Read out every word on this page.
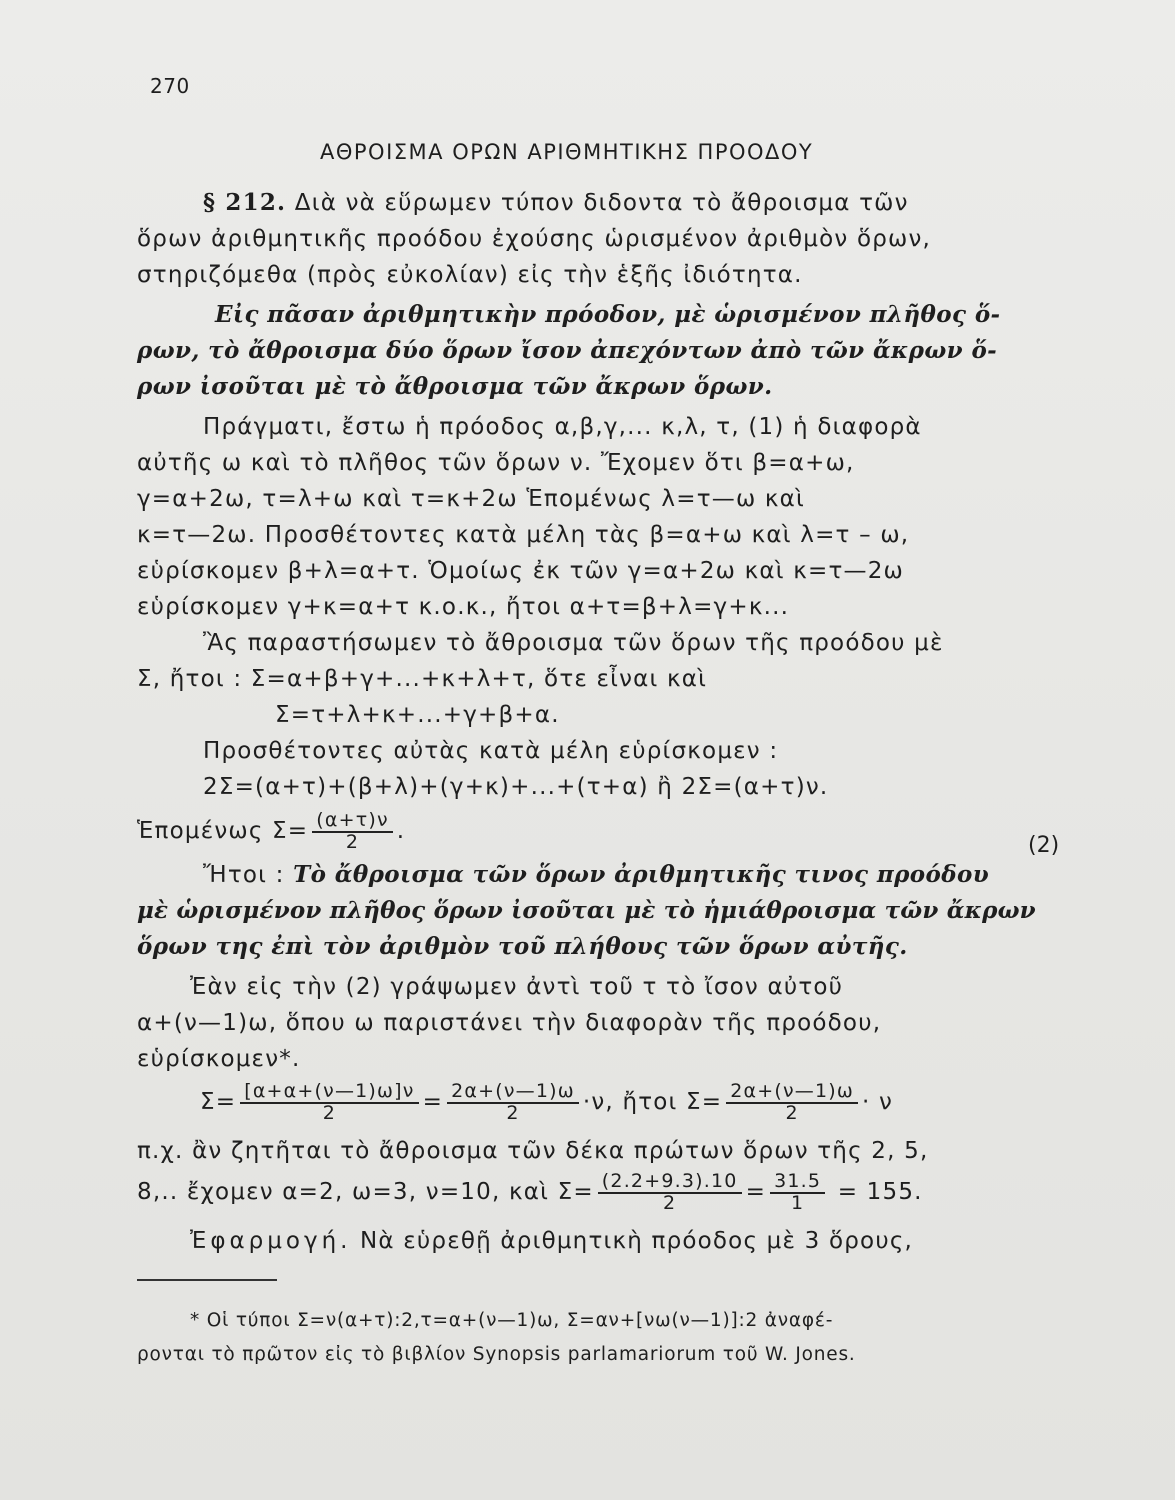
270
ΑΘΡΟΙΣΜΑ ΟΡΩΝ ΑΡΙΘΜΗΤΙΚΗΣ ΠΡΟΟΔΟΥ
§ 212. Διὰ νὰ εὕρωμεν τύπον διδοντα τὸ ἄθροισμα τῶν
ὅρων ἀριθμητικῆς προόδου ἐχούσης ὡρισμένον ἀριθμὸν ὅρων,
στηριζόμεθα (πρὸς εὐκολίαν) εἰς τὴν ἑξῆς ἰδιότητα.
Εἰς πᾶσαν ἀριθμητικὴν πρόοδον, μὲ ὡρισμένον πλῆθος ὅ-
ρων, τὸ ἄθροισμα δύο ὅρων ἴσον ἀπεχόντων ἀπὸ τῶν ἄκρων ὅ-
ρων ἰσοῦται μὲ τὸ ἄθροισμα τῶν ἄκρων ὅρων.
Πράγματι, ἔστω ἡ πρόοδος α,β,γ,... κ,λ, τ, (1) ἡ διαφορὰ
αὐτῆς ω καὶ τὸ πλῆθος τῶν ὅρων ν. Ἔχομεν ὅτι β=α+ω,
γ=α+2ω, τ=λ+ω καὶ τ=κ+2ω Ἑπομένως λ=τ—ω καὶ
κ=τ—2ω. Προσθέτοντες κατὰ μέλη τὰς β=α+ω καὶ λ=τ – ω,
εὑρίσκομεν β+λ=α+τ. Ὁμοίως ἐκ τῶν γ=α+2ω καὶ κ=τ—2ω
εὑρίσκομεν γ+κ=α+τ κ.ο.κ., ἤτοι α+τ=β+λ=γ+κ...
Ἂς παραστήσωμεν τὸ ἄθροισμα τῶν ὅρων τῆς προόδου μὲ
Σ, ἤτοι : Σ=α+β+γ+...+κ+λ+τ, ὅτε εἶναι καὶ
Σ=τ+λ+κ+...+γ+β+α.
Προσθέτοντες αὐτὰς κατὰ μέλη εὑρίσκομεν :
2Σ=(α+τ)+(β+λ)+(γ+κ)+...+(τ+α) ἢ 2Σ=(α+τ)ν.
Ἑπομένως $\Sigma= \frac{(\alpha+\tau)\nu}{2}$ .
(2)
Ἤτοι : Τὸ ἄθροισμα τῶν ὅρων ἀριθμητικῆς τινος προόδου
μὲ ὡρισμένον πλῆθος ὅρων ἰσοῦται μὲ τὸ ἡμιάθροισμα τῶν ἄκρων
ὅρων της ἐπὶ τὸν ἀριθμὸν τοῦ πλήθους τῶν ὅρων αὐτῆς.
Ἐὰν εἰς τὴν (2) γράψωμεν ἀντὶ τοῦ τ τὸ ἴσον αὐτοῦ
α+(ν—1)ω, ὅπου ω παριστάνει τὴν διαφορὰν τῆς προόδου,
εὑρίσκομεν*.
$\Sigma= \frac{[\alpha+\alpha+(\nu—1)\omega]\nu}{2} = \frac{2\alpha+(\nu—1)\omega}{2} \cdot\nu$, ἤτοι $\Sigma= \frac{2\alpha+(\nu—1)\omega}{2} \cdot \nu$
π.χ. ἂν ζητῆται τὸ ἄθροισμα τῶν δέκα πρώτων ὅρων τῆς 2, 5,
8,.. ἔχομεν α=2, ω=3, ν=10, καὶ $\Sigma= \frac{(2.2+9.3).10}{2} = \frac{31.5}{1} = 155$.
Ἐφαρμογή. Νὰ εὑρεθῇ ἀριθμητικὴ πρόοδος μὲ 3 ὅρους,
* Οἱ τύποι Σ=ν(α+τ):2,τ=α+(ν—1)ω, Σ=αν+[νω(ν—1)]:2 ἀναφέ-
ρονται τὸ πρῶτον εἰς τὸ βιβλίον Synopsis parlamariorum τοῦ W. Jones.
